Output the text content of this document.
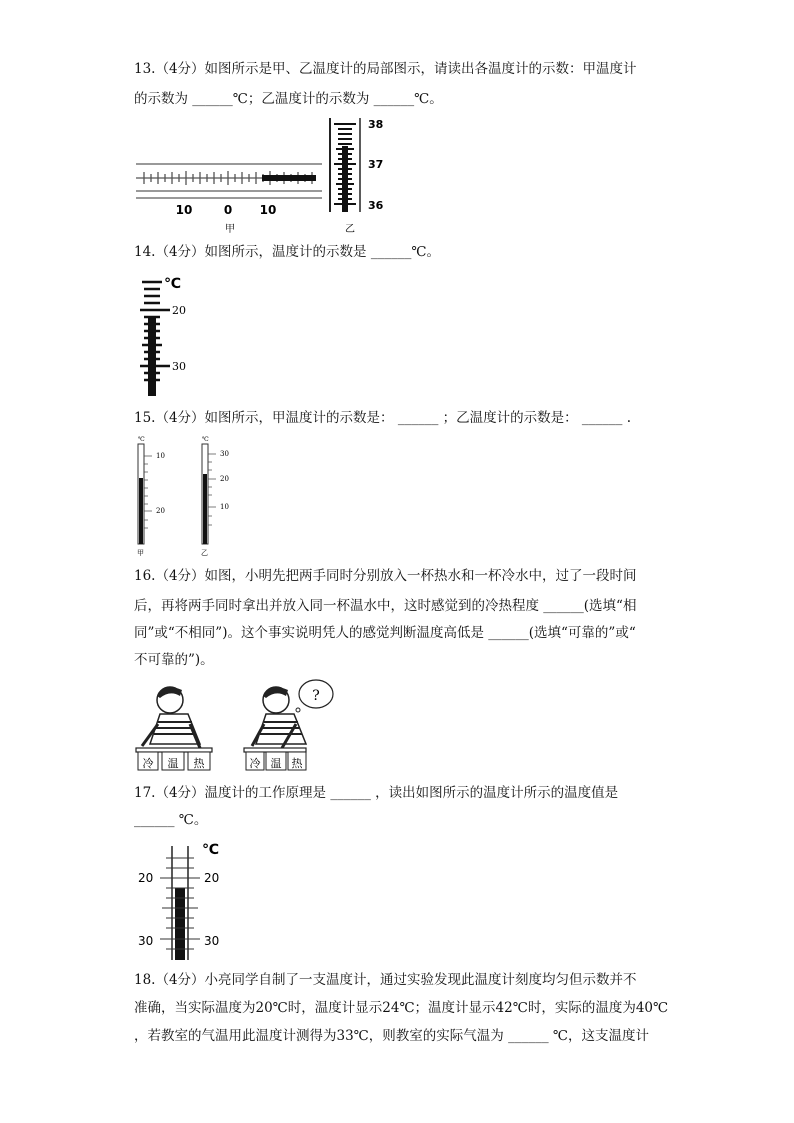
13.（4分）如图所示是甲、乙温度计的局部图示，请读出各温度计的示数：甲温度计
的示数为 ______℃；乙温度计的示数为 ______℃。
10	0 10
甲
38
37
36
乙
14.（4分）如图所示，温度计的示数是 ______℃。
℃
20
30
15.（4分）如图所示，甲温度计的示数是： ______ ；乙温度计的示数是： ______ .
℃
10
20
甲
℃
30
20
10
乙
16.（4分）如图，小明先把两手同时分别放入一杯热水和一杯冷水中，过了一段时间
后，再将两手同时拿出并放入同一杯温水中，这时感觉到的冷热程度 ______(选填“相
同”或“不相同”)。这个事实说明凭人的感觉判断温度高低是 ______(选填“可靠的”或“
不可靠的”)。
冷 温 热
?
冷 温 热
17.（4分）温度计的工作原理是 ______ ，读出如图所示的温度计所示的温度值是
______ ℃。
℃
20
30
20
30
18.（4分）小亮同学自制了一支温度计，通过实验发现此温度计刻度均匀但示数并不
准确，当实际温度为20℃时，温度计显示24℃；温度计显示42℃时，实际的温度为40℃
，若教室的气温用此温度计测得为33℃，则教室的实际气温为 ______ ℃，这支温度计
